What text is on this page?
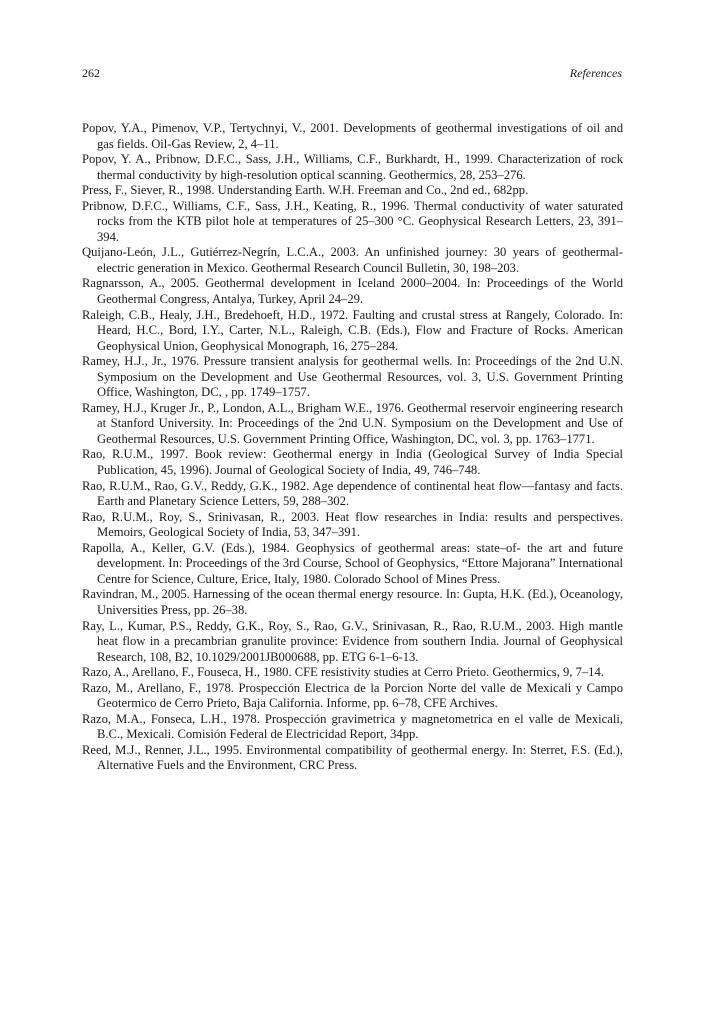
262	References
Popov, Y.A., Pimenov, V.P., Tertychnyi, V., 2001. Developments of geothermal investigations of oil and gas fields. Oil-Gas Review, 2, 4–11.
Popov, Y. A., Pribnow, D.F.C., Sass, J.H., Williams, C.F., Burkhardt, H., 1999. Characterization of rock thermal conductivity by high-resolution optical scanning. Geothermics, 28, 253–276.
Press, F., Siever, R., 1998. Understanding Earth. W.H. Freeman and Co., 2nd ed., 682pp.
Pribnow, D.F.C., Williams, C.F., Sass, J.H., Keating, R., 1996. Thermal conductivity of water saturated rocks from the KTB pilot hole at temperatures of 25–300 °C. Geophysical Research Letters, 23, 391–394.
Quijano-León, J.L., Gutiérrez-Negrín, L.C.A., 2003. An unfinished journey: 30 years of geothermal-electric generation in Mexico. Geothermal Research Council Bulletin, 30, 198–203.
Ragnarsson, A., 2005. Geothermal development in Iceland 2000–2004. In: Proceedings of the World Geothermal Congress, Antalya, Turkey, April 24–29.
Raleigh, C.B., Healy, J.H., Bredehoeft, H.D., 1972. Faulting and crustal stress at Rangely, Colorado. In: Heard, H.C., Bord, I.Y., Carter, N.L., Raleigh, C.B. (Eds.), Flow and Fracture of Rocks. American Geophysical Union, Geophysical Monograph, 16, 275–284.
Ramey, H.J., Jr., 1976. Pressure transient analysis for geothermal wells. In: Proceedings of the 2nd U.N. Symposium on the Development and Use Geothermal Resources, vol. 3, U.S. Government Printing Office, Washington, DC, , pp. 1749–1757.
Ramey, H.J., Kruger Jr., P., London, A.L., Brigham W.E., 1976. Geothermal reservoir engineering research at Stanford University. In: Proceedings of the 2nd U.N. Symposium on the Development and Use of Geothermal Resources, U.S. Government Printing Office, Washington, DC, vol. 3, pp. 1763–1771.
Rao, R.U.M., 1997. Book review: Geothermal energy in India (Geological Survey of India Special Publication, 45, 1996). Journal of Geological Society of India, 49, 746–748.
Rao, R.U.M., Rao, G.V., Reddy, G.K., 1982. Age dependence of continental heat flow—fantasy and facts. Earth and Planetary Science Letters, 59, 288–302.
Rao, R.U.M., Roy, S., Srinivasan, R., 2003. Heat flow researches in India: results and perspectives. Memoirs, Geological Society of India, 53, 347–391.
Rapolla, A., Keller, G.V. (Eds.), 1984. Geophysics of geothermal areas: state–of- the art and future development. In: Proceedings of the 3rd Course, School of Geophysics, “Ettore Majorana” International Centre for Science, Culture, Erice, Italy, 1980. Colorado School of Mines Press.
Ravindran, M., 2005. Harnessing of the ocean thermal energy resource. In: Gupta, H.K. (Ed.), Oceanology, Universities Press, pp. 26–38.
Ray, L., Kumar, P.S., Reddy, G.K., Roy, S., Rao, G.V., Srinivasan, R., Rao, R.U.M., 2003. High mantle heat flow in a precambrian granulite province: Evidence from southern India. Journal of Geophysical Research, 108, B2, 10.1029/2001JB000688, pp. ETG 6-1–6-13.
Razo, A., Arellano, F., Fouseca, H., 1980. CFE resistivity studies at Cerro Prieto. Geothermics, 9, 7–14.
Razo, M., Arellano, F., 1978. Prospección Electrica de la Porcion Norte del valle de Mexicali y Campo Geotermico de Cerro Prieto, Baja California. Informe, pp. 6–78, CFE Archives.
Razo, M.A., Fonseca, L.H., 1978. Prospección gravimetrica y magnetometrica en el valle de Mexicali, B.C., Mexicali. Comisión Federal de Electricidad Report, 34pp.
Reed, M.J., Renner, J.L., 1995. Environmental compatibility of geothermal energy. In: Sterret, F.S. (Ed.), Alternative Fuels and the Environment, CRC Press.
